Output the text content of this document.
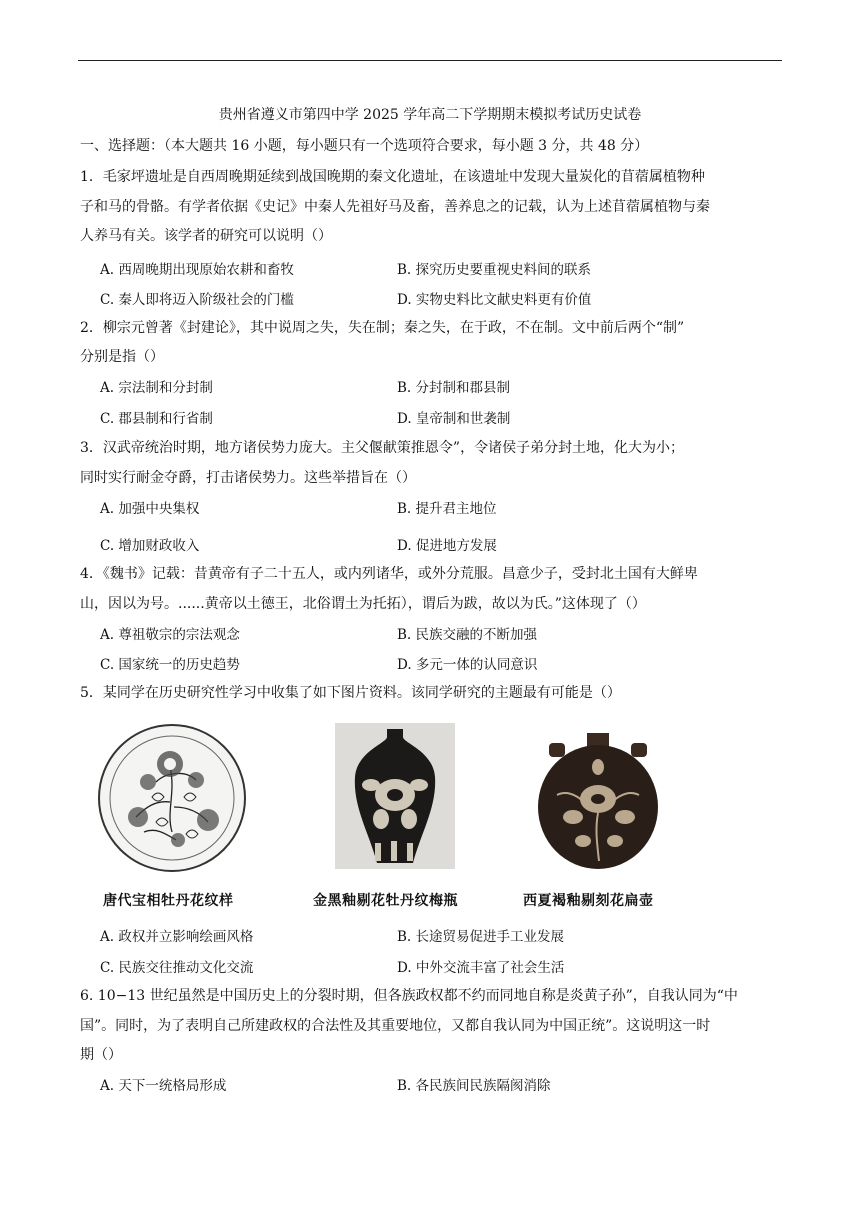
贵州省遵义市第四中学 2025 学年高二下学期期末模拟考试历史试卷
一、选择题：（本大题共 16 小题，每小题只有一个选项符合要求，每小题 3 分，共 48 分）
1．毛家坪遗址是自西周晚期延续到战国晚期的秦文化遗址，在该遗址中发现大量炭化的苜蓿属植物种
子和马的骨骼。有学者依据《史记》中秦人先祖好马及畜，善养息之的记载，认为上述苜蓿属植物与秦
人养马有关。该学者的研究可以说明（）
A. 西周晚期出现原始农耕和畜牧	B. 探究历史要重视史料间的联系
C. 秦人即将迈入阶级社会的门槛	D. 实物史料比文献史料更有价值
2．柳宗元曾著《封建论》，其中说周之失，失在制；秦之失，在于政，不在制。文中前后两个“制”
分别是指（）
A. 宗法制和分封制	B. 分封制和郡县制
C. 郡县制和行省制	D. 皇帝制和世袭制
3．汉武帝统治时期，地方诸侯势力庞大。主父偃献策推恩令”，令诸侯子弟分封土地，化大为小；
同时实行耐金夺爵，打击诸侯势力。这些举措旨在（）
A. 加强中央集权	B. 提升君主地位
C. 增加财政收入	D. 促进地方发展
4．《魏书》记载：昔黄帝有子二十五人，或内列诸华，或外分荒服。昌意少子，受封北土国有大鲜卑
山，因以为号。......黄帝以土德王，北俗谓土为托拓），谓后为跋，故以为氏。”这体现了（）
A. 尊祖敬宗的宗法观念	B. 民族交融的不断加强
C. 国家统一的历史趋势	D. 多元一体的认同意识
5．某同学在历史研究性学习中收集了如下图片资料。该同学研究的主题最有可能是（）
唐代宝相牡丹花纹样	金黑釉剔花牡丹纹梅瓶	西夏褐釉剔刻花扁壶
A. 政权并立影响绘画风格	B. 长途贸易促进手工业发展
C. 民族交往推动文化交流	D. 中外交流丰富了社会生活
6. 10−13 世纪虽然是中国历史上的分裂时期，但各族政权都不约而同地自称是炎黄子孙”，自我认同为“中
国”。同时，为了表明自己所建政权的合法性及其重要地位，又都自我认同为中国正统”。这说明这一时
期（）
A. 天下一统格局形成	B. 各民族间民族隔阂消除
